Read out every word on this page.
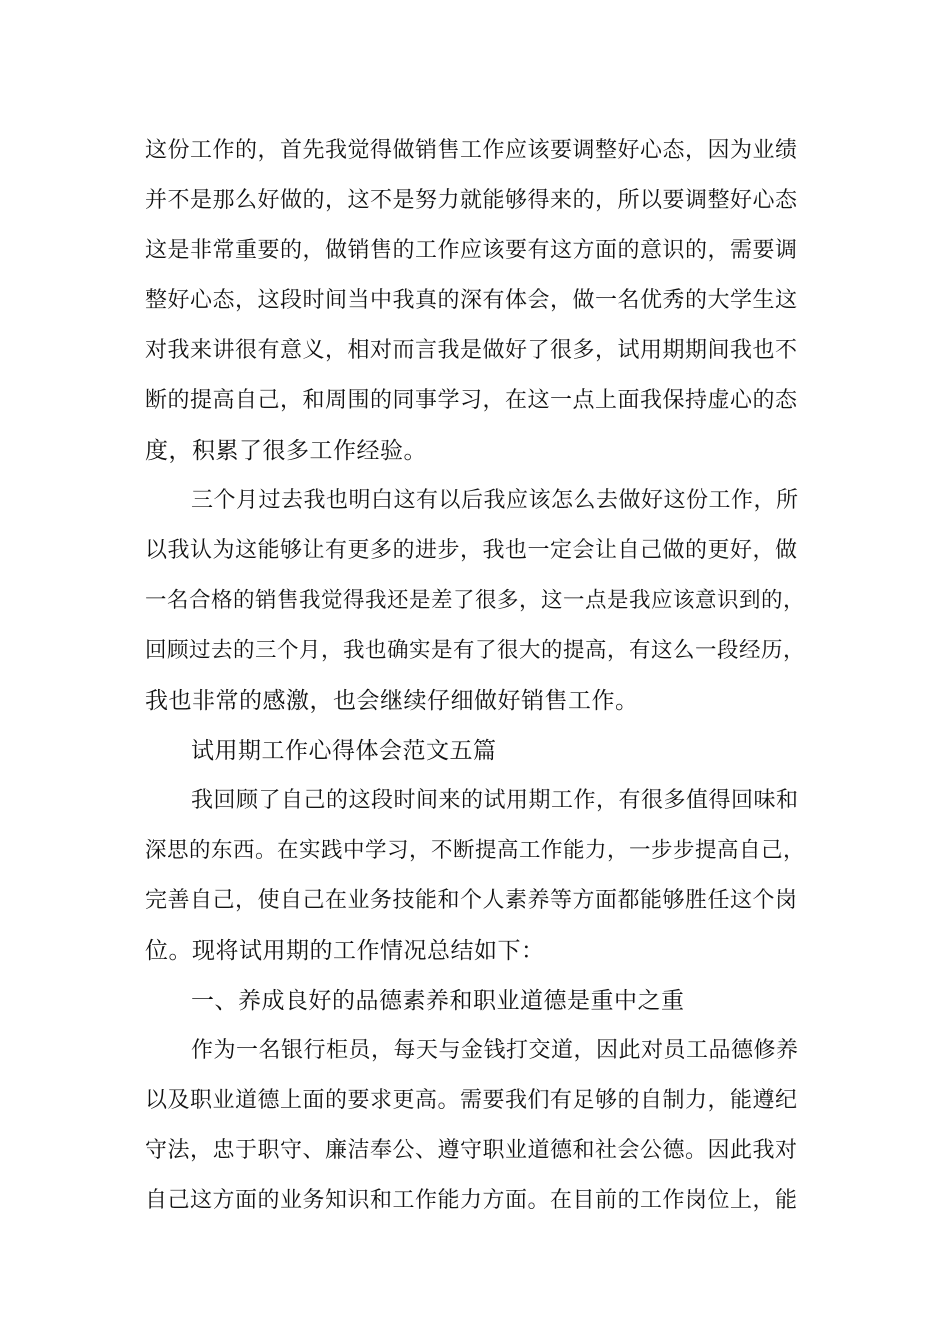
这份工作的，首先我觉得做销售工作应该要调整好心态，因为业绩
并不是那么好做的，这不是努力就能够得来的，所以要调整好心态
这是非常重要的，做销售的工作应该要有这方面的意识的，需要调
整好心态，这段时间当中我真的深有体会，做一名优秀的大学生这
对我来讲很有意义，相对而言我是做好了很多，试用期期间我也不
断的提高自己，和周围的同事学习，在这一点上面我保持虚心的态
度，积累了很多工作经验。
三个月过去我也明白这有以后我应该怎么去做好这份工作，所
以我认为这能够让有更多的进步，我也一定会让自己做的更好，做
一名合格的销售我觉得我还是差了很多，这一点是我应该意识到的，
回顾过去的三个月，我也确实是有了很大的提高，有这么一段经历，
我也非常的感激，也会继续仔细做好销售工作。
试用期工作心得体会范文五篇
我回顾了自己的这段时间来的试用期工作，有很多值得回味和
深思的东西。在实践中学习，不断提高工作能力，一步步提高自己，
完善自己，使自己在业务技能和个人素养等方面都能够胜任这个岗
位。现将试用期的工作情况总结如下：
一、养成良好的品德素养和职业道德是重中之重
作为一名银行柜员，每天与金钱打交道，因此对员工品德修养
以及职业道德上面的要求更高。需要我们有足够的自制力，能遵纪
守法，忠于职守、廉洁奉公、遵守职业道德和社会公德。因此我对
自己这方面的业务知识和工作能力方面。在目前的工作岗位上，能
